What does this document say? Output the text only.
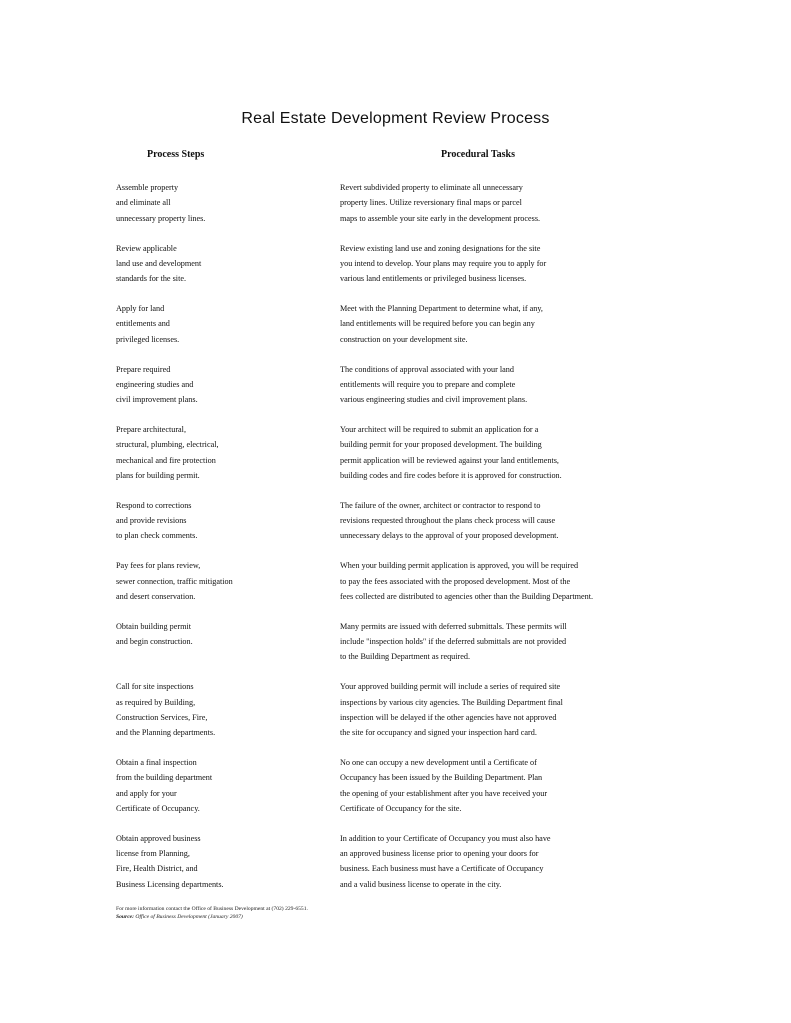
Real Estate Development Review Process
Process Steps	Procedural Tasks
Assemble property
and eliminate all
unnecessary property lines.
Revert subdivided property to eliminate all unnecessary
property lines. Utilize reversionary final maps or parcel
maps to assemble your site early in the development process.
Review applicable
land use and development
standards for the site.
Review existing land use and zoning designations for the site
you intend to develop. Your plans may require you to apply for
various land entitlements or privileged business licenses.
Apply for land
entitlements and
privileged licenses.
Meet with the Planning Department to determine what, if any,
land entitlements will be required before you can begin any
construction on your development site.
Prepare required
engineering studies and
civil improvement plans.
The conditions of approval associated with your land
entitlements will require you to prepare and complete
various engineering studies and civil improvement plans.
Prepare architectural,
structural, plumbing, electrical,
mechanical and fire protection
plans for building permit.
Your architect will be required to submit an application for a
building permit for your proposed development. The building
permit application will be reviewed against your land entitlements,
building codes and fire codes before it is approved for construction.
Respond to corrections
and provide revisions
to plan check comments.
The failure of the owner, architect or contractor to respond to
revisions requested throughout the plans check process will cause
unnecessary delays to the approval of your proposed development.
Pay fees for plans review,
sewer connection, traffic mitigation
and desert conservation.
When your building permit application is approved, you will be required
to pay the fees associated with the proposed development. Most of the
fees collected are distributed to agencies other than the Building Department.
Obtain building permit
and begin construction.
Many permits are issued with deferred submittals. These permits will
include "inspection holds" if the deferred submittals are not provided
to the Building Department as required.
Call for site inspections
as required by Building,
Construction Services, Fire,
and the Planning departments.
Your approved building permit will include a series of required site
inspections by various city agencies. The Building Department final
inspection will be delayed if the other agencies have not approved
the site for occupancy and signed your inspection hard card.
Obtain a final inspection
from the building department
and apply for your
Certificate of Occupancy.
No one can occupy a new development until a Certificate of
Occupancy has been issued by the Building Department. Plan
the opening of your establishment after you have received your
Certificate of Occupancy for the site.
Obtain approved business
license from Planning,
Fire, Health District, and
Business Licensing departments.
In addition to your Certificate of Occupancy you must also have
an approved business license prior to opening your doors for
business. Each business must have a Certificate of Occupancy
and a valid business license to operate in the city.
For more information contact the Office of Business Development at (702) 229-6551.
Source: Office of Business Development (January 2007)
